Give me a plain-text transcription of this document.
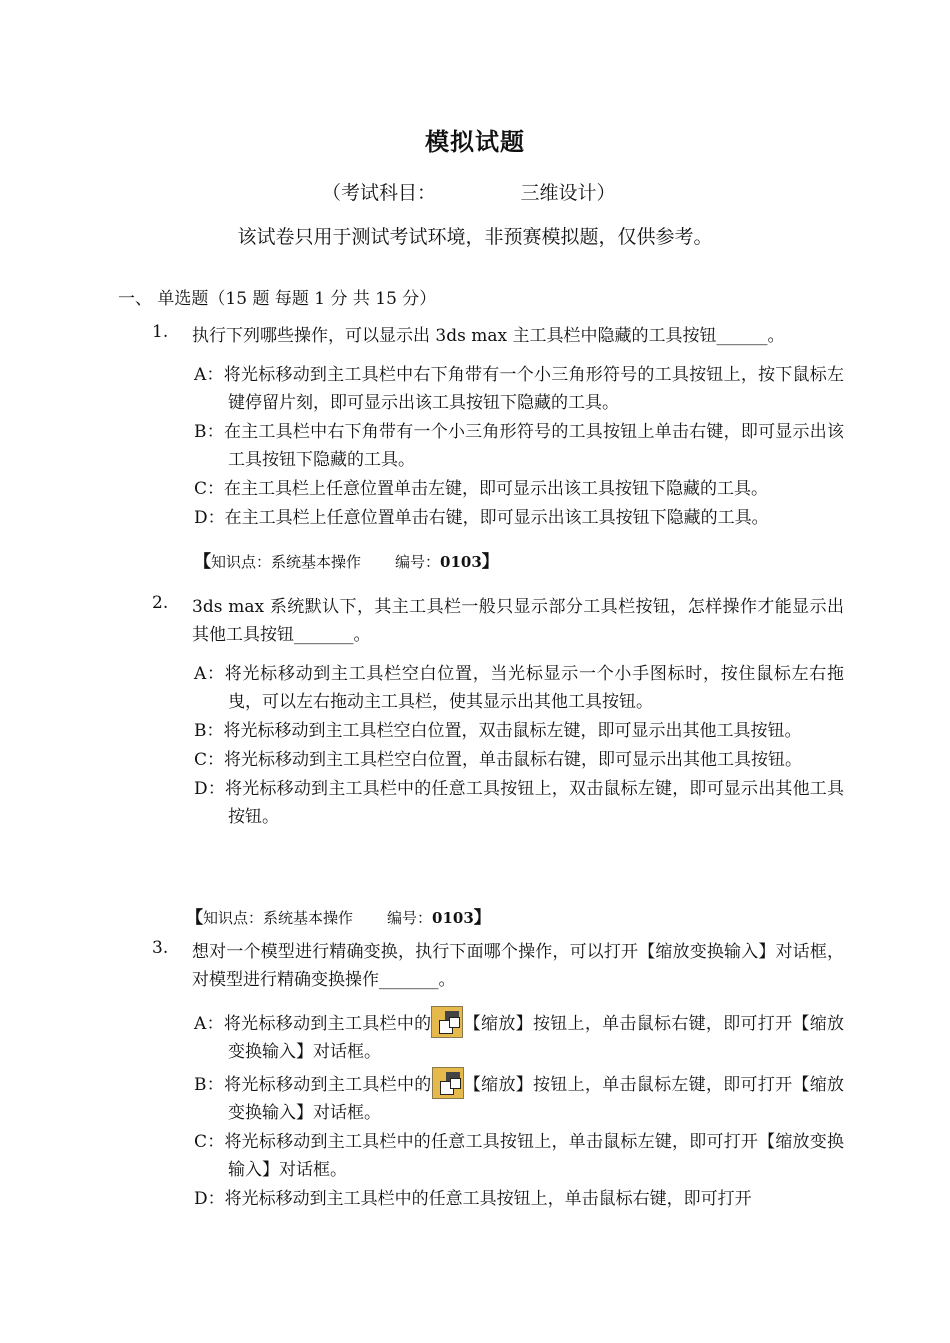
模拟试题
（考试科目：              三维设计）
该试卷只用于测试考试环境，非预赛模拟题，仅供参考。
一、 单选题（15 题 每题 1 分 共 15 分）
1. 执行下列哪些操作，可以显示出 3ds max 主工具栏中隐藏的工具按钮______。
A：将光标移动到主工具栏中右下角带有一个小三角形符号的工具按钮上，按下鼠标左键停留片刻，即可显示出该工具按钮下隐藏的工具。
B：在主工具栏中右下角带有一个小三角形符号的工具按钮上单击右键，即可显示出该工具按钮下隐藏的工具。
C：在主工具栏上任意位置单击左键，即可显示出该工具按钮下隐藏的工具。
D：在主工具栏上任意位置单击右键，即可显示出该工具按钮下隐藏的工具。
【知识点：系统基本操作 编号：0103】
2. 3ds max 系统默认下，其主工具栏一般只显示部分工具栏按钮，怎样操作才能显示出其他工具按钮_______。
A：将光标移动到主工具栏空白位置，当光标显示一个小手图标时，按住鼠标左右拖曳，可以左右拖动主工具栏，使其显示出其他工具按钮。
B：将光标移动到主工具栏空白位置，双击鼠标左键，即可显示出其他工具按钮。
C：将光标移动到主工具栏空白位置，单击鼠标右键，即可显示出其他工具按钮。
D：将光标移动到主工具栏中的任意工具按钮上，双击鼠标左键，即可显示出其他工具按钮。
【知识点：系统基本操作 编号：0103】
3. 想对一个模型进行精确变换，执行下面哪个操作，可以打开【缩放变换输入】对话框，对模型进行精确变换操作_______。
A：将光标移动到主工具栏中的 【缩放】按钮上，单击鼠标右键，即可打开【缩放变换输入】对话框。
B：将光标移动到主工具栏中的 【缩放】按钮上，单击鼠标左键，即可打开【缩放变换输入】对话框。
C：将光标移动到主工具栏中的任意工具按钮上，单击鼠标左键，即可打开【缩放变换输入】对话框。
D：将光标移动到主工具栏中的任意工具按钮上，单击鼠标右键，即可打开
